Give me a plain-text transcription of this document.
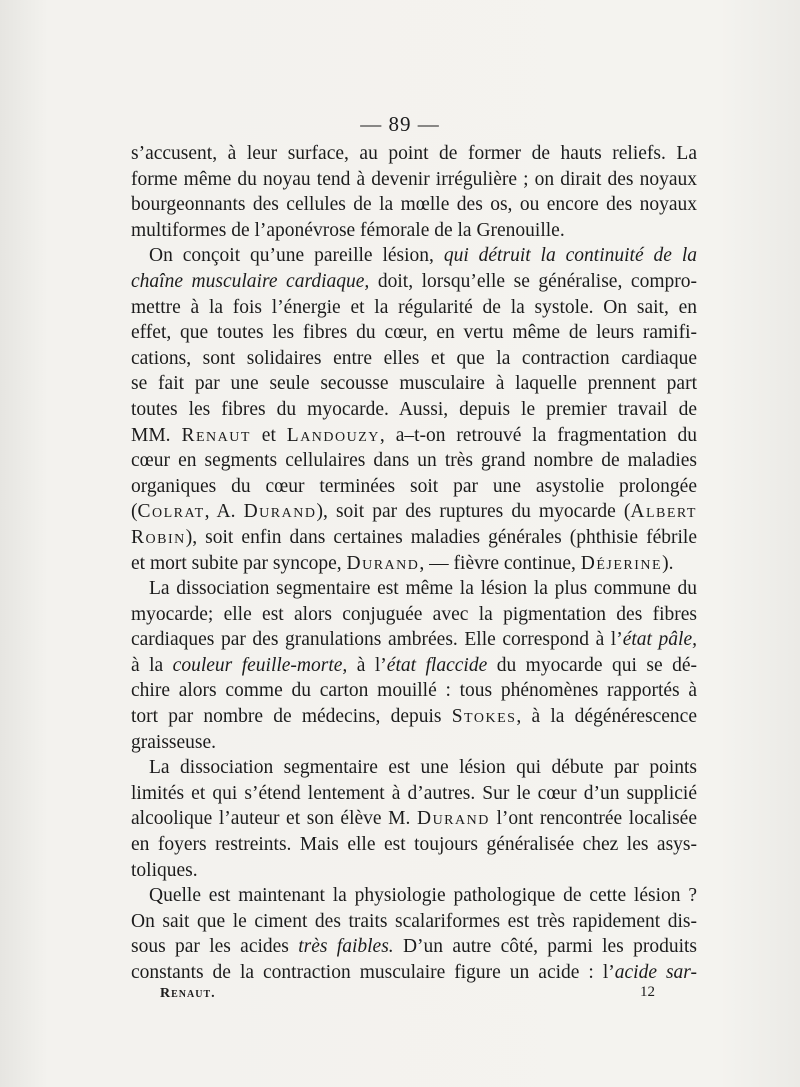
— 89 —
s’accusent, à leur surface, au point de former de hauts reliefs. La
forme même du noyau tend à devenir irrégulière ; on dirait des noyaux
bourgeonnants des cellules de la mœlle des os, ou encore des noyaux
multiformes de l’aponévrose fémorale de la Grenouille.
On conçoit qu’une pareille lésion, qui détruit la continuité de la
chaîne musculaire cardiaque, doit, lorsqu’elle se généralise, compro-
mettre à la fois l’énergie et la régularité de la systole. On sait, en
effet, que toutes les fibres du cœur, en vertu même de leurs ramifi-
cations, sont solidaires entre elles et que la contraction cardiaque
se fait par une seule secousse musculaire à laquelle prennent part
toutes les fibres du myocarde. Aussi, depuis le premier travail de
MM. Renaut et Landouzy, a–t-on retrouvé la fragmentation du
cœur en segments cellulaires dans un très grand nombre de maladies
organiques du cœur terminées soit par une asystolie prolongée
(Colrat, A. Durand), soit par des ruptures du myocarde (Albert
Robin), soit enfin dans certaines maladies générales (phthisie fébrile
et mort subite par syncope, Durand, — fièvre continue, Déjerine).
La dissociation segmentaire est même la lésion la plus commune du
myocarde; elle est alors conjuguée avec la pigmentation des fibres
cardiaques par des granulations ambrées. Elle correspond à l’état pâle,
à la couleur feuille-morte, à l’état flaccide du myocarde qui se dé-
chire alors comme du carton mouillé : tous phénomènes rapportés à
tort par nombre de médecins, depuis Stokes, à la dégénérescence
graisseuse.
La dissociation segmentaire est une lésion qui débute par points
limités et qui s’étend lentement à d’autres. Sur le cœur d’un supplicié
alcoolique l’auteur et son élève M. Durand l’ont rencontrée localisée
en foyers restreints. Mais elle est toujours généralisée chez les asys-
toliques.
Quelle est maintenant la physiologie pathologique de cette lésion ?
On sait que le ciment des traits scalariformes est très rapidement dis-
sous par les acides très faibles. D’un autre côté, parmi les produits
constants de la contraction musculaire figure un acide : l’acide sar-
Renaut.	12
